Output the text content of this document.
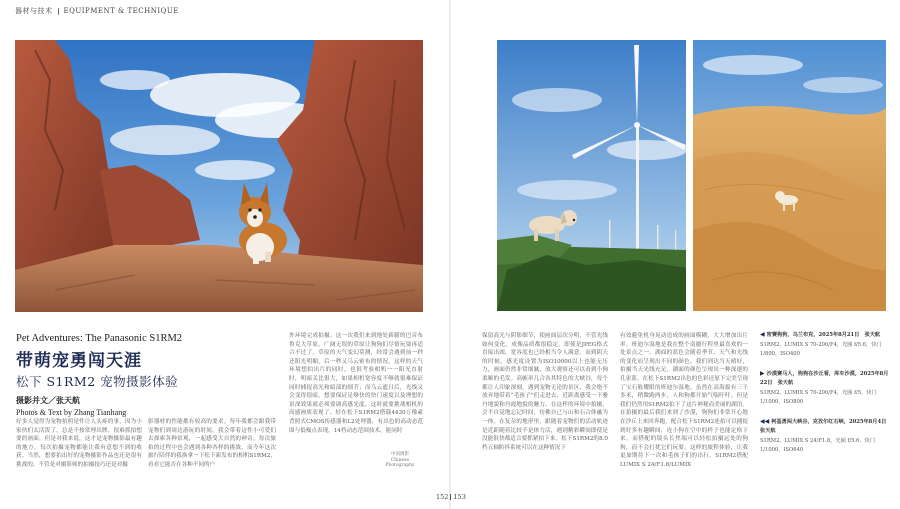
器材与技术 EQUIPMENT & TECHNIQUE
Pet Adventures: The Panasonic S1RM2
带萌宠勇闯天涯
松下 S1RM2 宠物摄影体验
摄影并文／张天航
Photos & Text by Zhang Tianhang
好多人觉得为宠物拍照是件让人头疼的事，因为小家伙们太活泼了，总是不按常理出牌，很难抓拍想要的画面。但是对我来说，这才是宠物摄影最有趣的地方。每次拍摄宠物都能让我有意想不到的收获。当然，想要拍出好的宠物摄影作品也还是很有挑战的，不管是对摄影师的拍摄技巧还是对摄
影器材的性能都有较高的要求。每年我都会跟我带宠物们到周边游玩的时间，我会带着这性小可爱们去探索各种景观，一起感受大自然的神奇。每次旅拍的过程中也会遇到各种各样的挑战，而今年这次旅行陪伴的我换拿一下松下新发布的相机S1RM2，看看它能否在各种不同的户
外环境完成拍摄。这一次我们来到地处新疆的巴音布鲁克大草原，广阔无垠的草原让狗狗们尽情玩耍再适合不过了。草原的天气变幻莫测，经常会遇到前一秒还阳光明媚，后一秒又乌云密布的情况，这样的天气环境想拍出片的同时，也很考验相机一一阳光直射时，明暗关比很大，如果相机宽容度不够就很难保证同时捕捉高光和暗部的细节；而乌云遮日后，光线又会变得很暗，想要保证足够快的快门速度以及理想的景深效果就必须要调高感光度，这时就要挑战相机的高感画质表现了。好在松下S1RM2搭载4430万像素背照式CMOS传感器和L2处理器，有出色的高动态范围与低噪点表现，14档动态范围技术，能同时
中国摄影
Chinese
Photography
保留高光与阴影细节，使画面层次分明，不管光线如何变化，成像品质都很稳定。即使是JPEG格式直接出图，宽容度也已经相当令人满意。而到阴天的时候，感光度设置为ISO10000以上也能无压力，画面仍然非常细腻，放大观察还可以看到小狗柔顺的毛发。高帧率几合各其特色的大峡谷，每个都让人印象深刻。遇到宠物无论的景区，我会绝不放弃地带着“毛孩子”们走进去，近距离感受一下雅丹地貌和丹霞地貌的魅力。在这样的环境中拍摄，会不自觉地忘记时间，仿佛自己与山和石合体融为一体。在复杂的地形里，跟随着宠物们的活动轨迹是近距随着比较不是体力活，遇到精彩瞬间即使是没能很快都适合要抓紧拍下来。松下S1RM2的8.0档五轴防抖系统可以在这种情况下
有效避免机身晃动造成的画面模糊，大大增加出片率。班迪尔湿地是我在整个南疆行程里最喜欢的一处景点之一。湖面的蓝色会随着季节、天气和光线的变化而呈现出不同的颜色，我们到达当天晴好，拍摄当天光线充足，湖面的颜色呈现出一种深邃的孔雀蓝。在松下S1RM2出色的色彩还原下完美呈现了宝石般耀眼的班迪尔湿地，虽然在高海拔有三千多米，稍微跑两步，人和狗都开始气喘吁吁。但是我们仍然用S1RM2拍下了这片神秘而美丽的湖泊。在拍摄的最后我们来到了沙漠，狗狗们非常开心地在沙丘上来回奔跑，配合松下S1RM2连拍可以捕捉到好多有趣瞬间，连小狗在空中的样子也能定格下来。而搭配的镜头长焦端可以轻松拍摄远处的狗狗，而不会打扰它们玩耍。这样的旅程体验，让我更加期待下一次和毛孩子们的出行。S1RM2搭配LUMIX S 24/F1.8/LUMIX
◀ 密赛狗狗，乌兰布克，2025年8月21日　张天航
S1RM2，LUMIX S 70-200/F4，光圈 f/5.6，快门 1/800，ISO400
▶ 沙漠赛马人，狗狗在沙丘看，库车沙漠，2025年8月22日　张天航
S1RM2，LUMIX S 70-200/F4，光圈 f/5，快门 1/1000，ISO800
◀◀ 柯基勇闯大峡谷，克孜尔红石峡，2025年8月4日　张天航
S1RM2，LUMIX S 24/F1.8，光圈 f/5.6，快门 1/1000，ISO640
152 153
